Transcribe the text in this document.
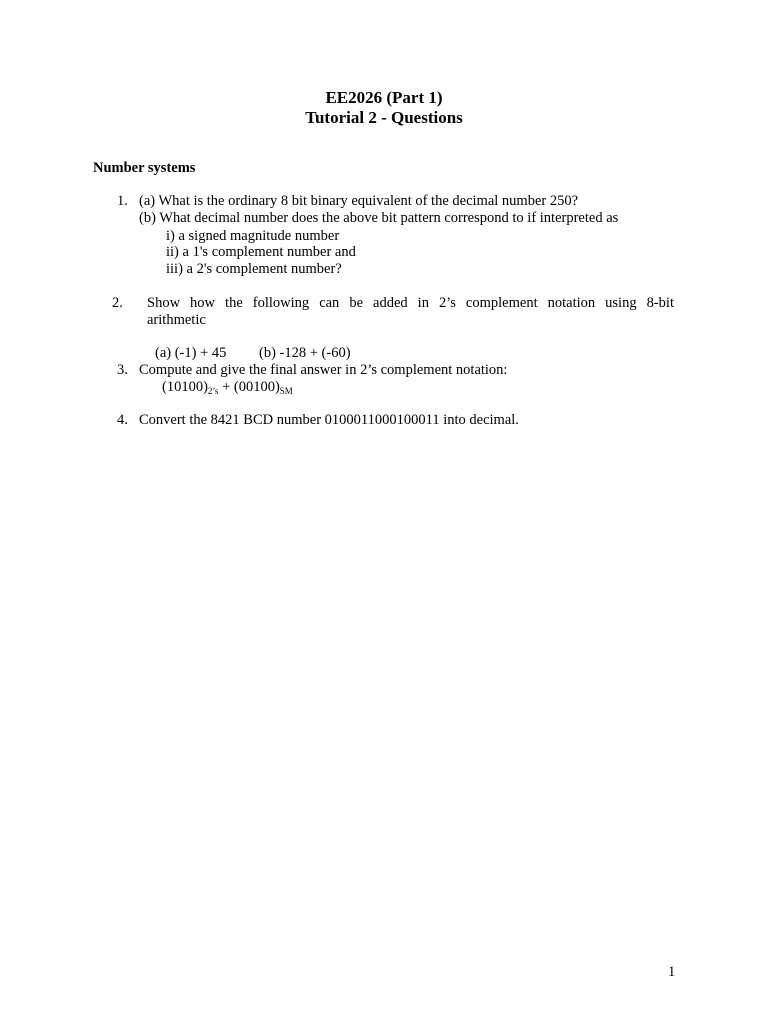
EE2026 (Part 1)
Tutorial 2 - Questions
Number systems
1. (a) What is the ordinary 8 bit binary equivalent of the decimal number 250?
(b) What decimal number does the above bit pattern correspond to if interpreted as
i) a signed magnitude number
ii) a 1's complement number and
iii) a 2's complement number?
2. Show how the following can be added in 2’s complement notation using 8-bit
arithmetic
(a) (-1) + 45 (b) -128 + (-60)
3. Compute and give the final answer in 2’s complement notation:
$(10100)_{2’s} + (00100)_{SM}$
4. Convert the 8421 BCD number 0100011000100011 into decimal.
1
